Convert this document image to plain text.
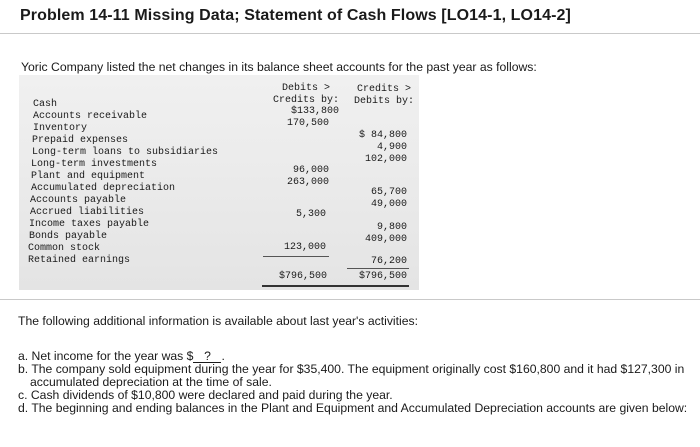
Problem 14-11 Missing Data; Statement of Cash Flows [LO14-1, LO14-2]
Yoric Company listed the net changes in its balance sheet accounts for the past year as follows:
Debits >
Credits by:
Credits >
Debits by:
Cash
Accounts receivable
Inventory
Prepaid expenses
Long-term loans to subsidiaries
Long-term investments
Plant and equipment
Accumulated depreciation
Accounts payable
Accrued liabilities
Income taxes payable
Bonds payable
Common stock
Retained earnings
$133,800
170,500
96,000
263,000
5,300
123,000
$ 84,800
4,900
102,000
65,700
49,000
9,800
409,000
76,200
$796,500	$796,500
The following additional information is available about last year's activities:
a. Net income for the year was $ ? .
b. The company sold equipment during the year for $35,400. The equipment originally cost $160,800 and it had $127,300 in
accumulated depreciation at the time of sale.
c. Cash dividends of $10,800 were declared and paid during the year.
d. The beginning and ending balances in the Plant and Equipment and Accumulated Depreciation accounts are given below:
